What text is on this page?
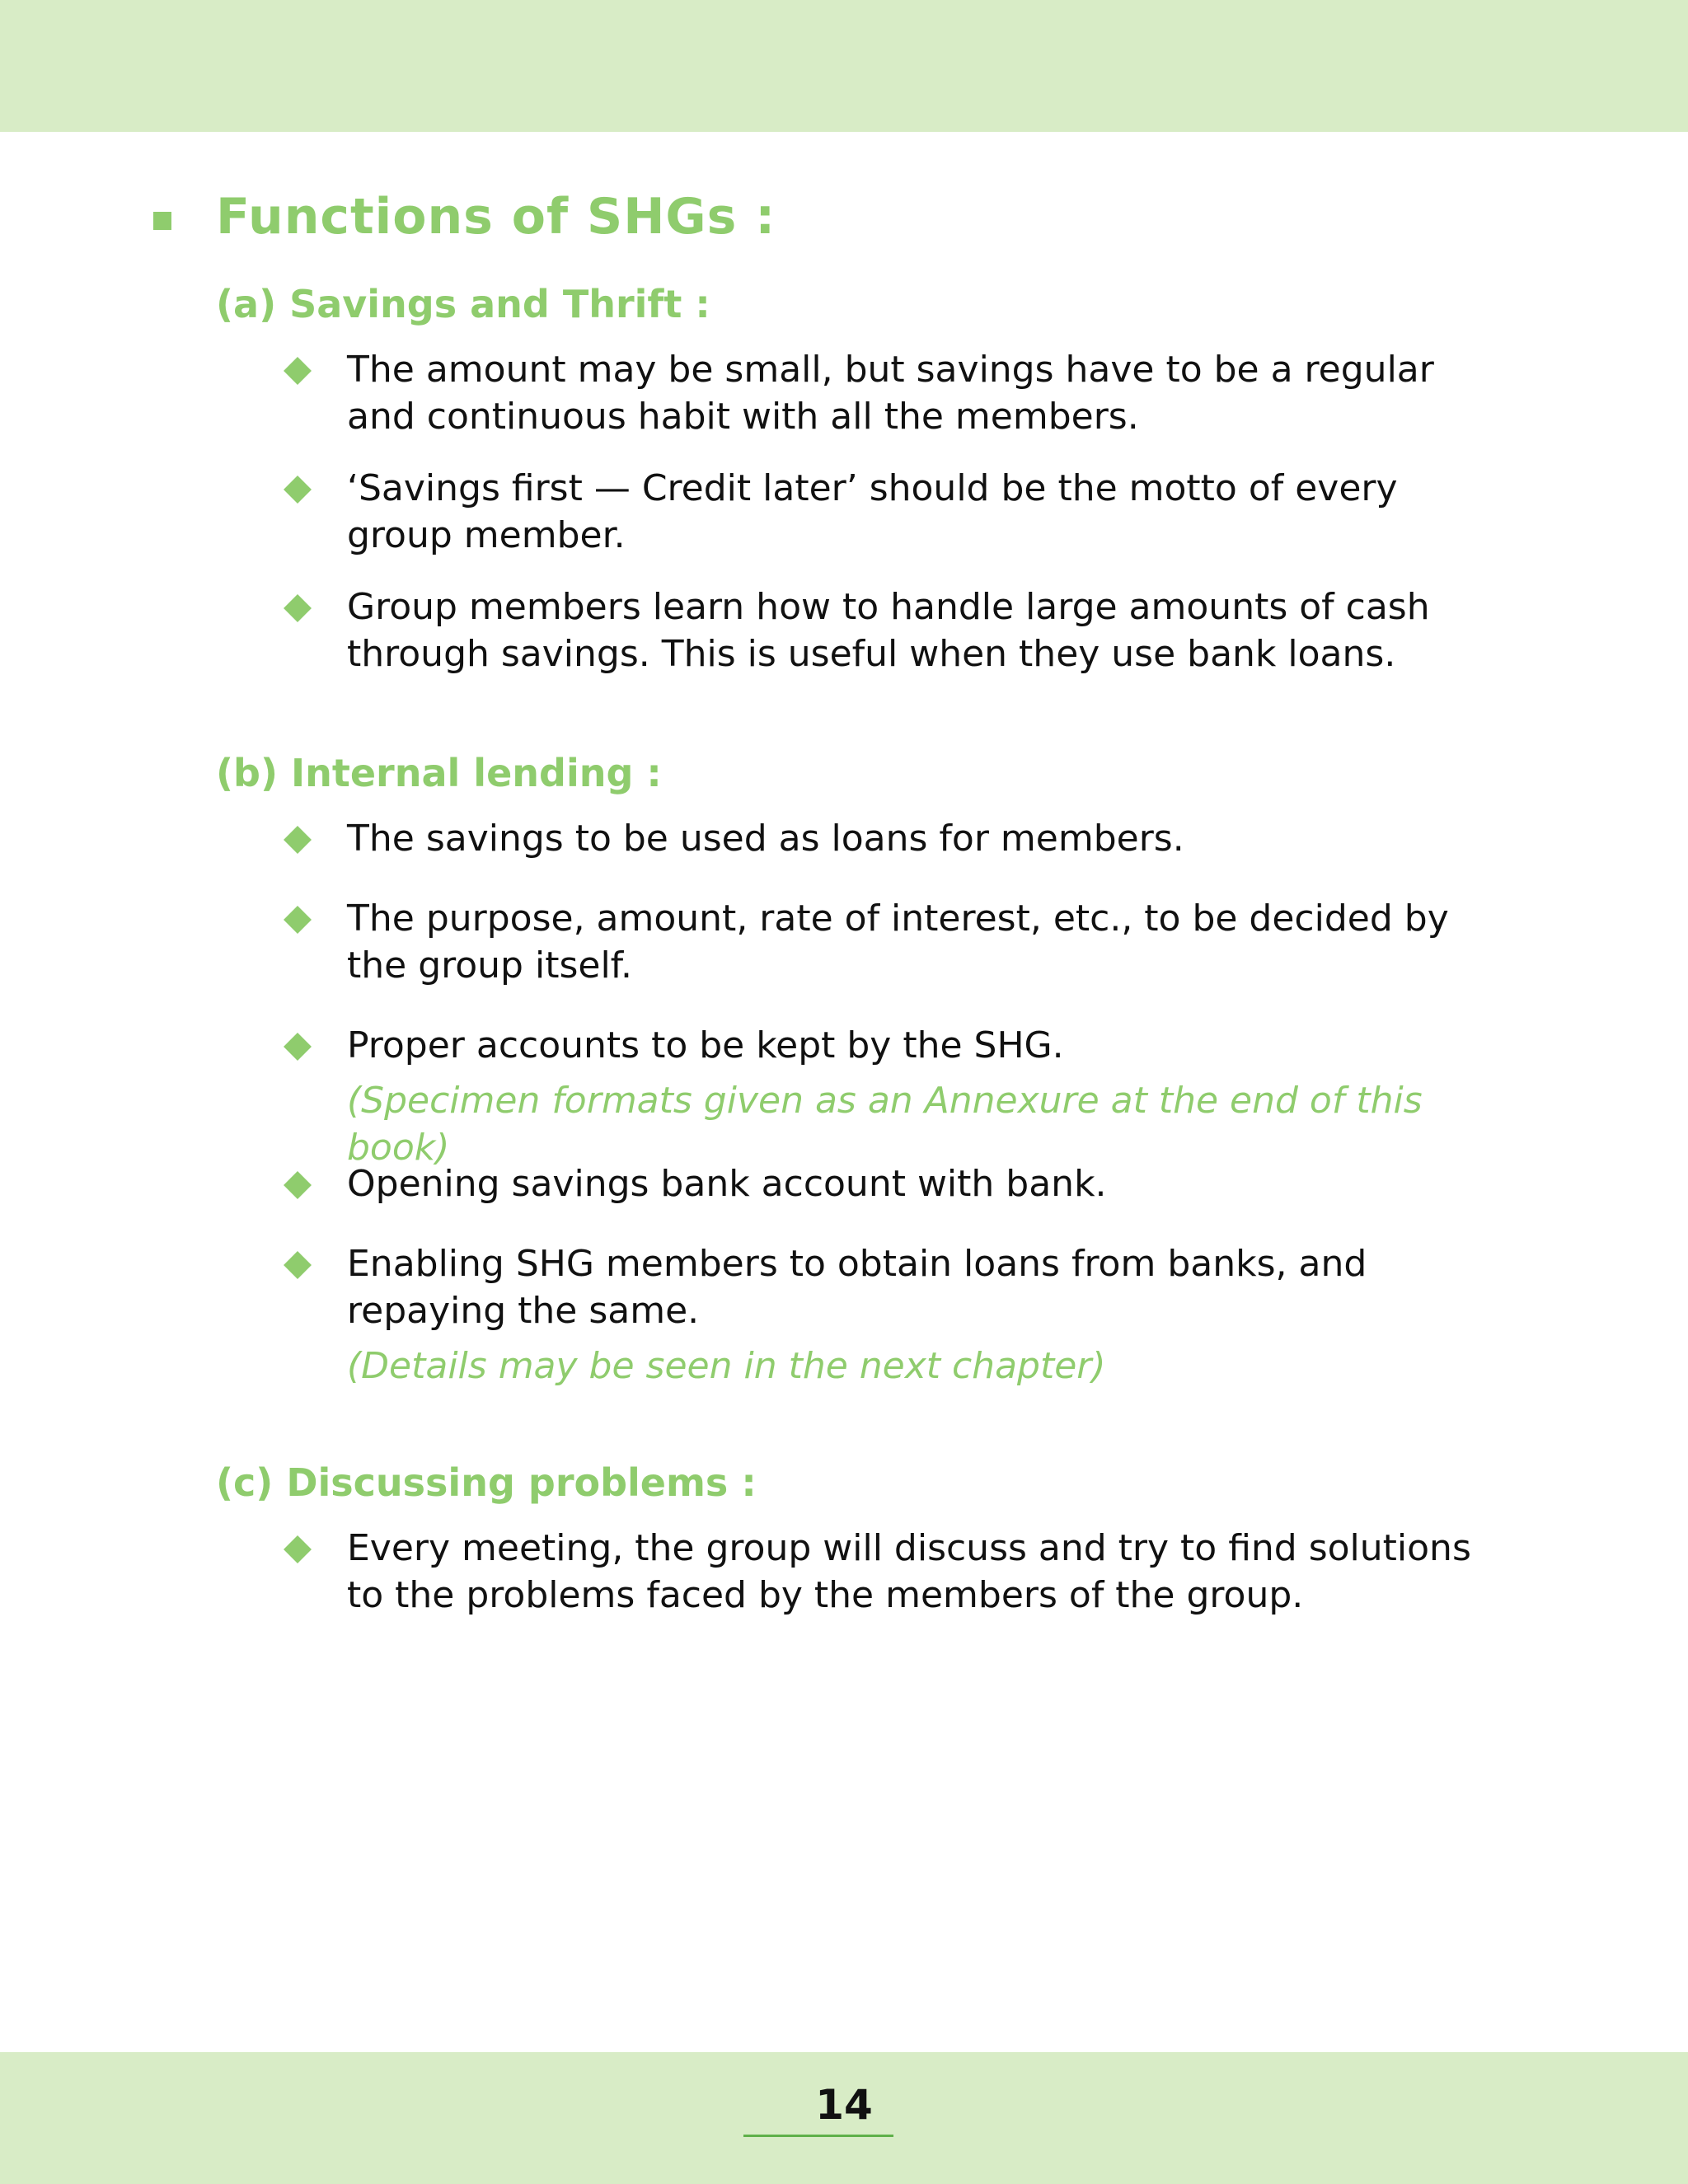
Functions of SHGs :
(a) Savings and Thrift :
The amount may be small, but savings have to be a regular and continuous habit with all the members.
‘Savings first — Credit later’ should be the motto of every group member.
Group members learn how to handle large amounts of cash through savings. This is useful when they use bank loans.
(b) Internal lending :
The savings to be used as loans for members.
The purpose, amount, rate of interest, etc., to be decided by the group itself.
Proper accounts to be kept by the SHG.
(Specimen formats given as an Annexure at the end of this book)
Opening savings bank account with bank.
Enabling SHG members to obtain loans from banks, and repaying the same.
(Details may be seen in the next chapter)
(c) Discussing problems :
Every meeting, the group will discuss and try to find solutions to the problems faced by the members of the group.
14
